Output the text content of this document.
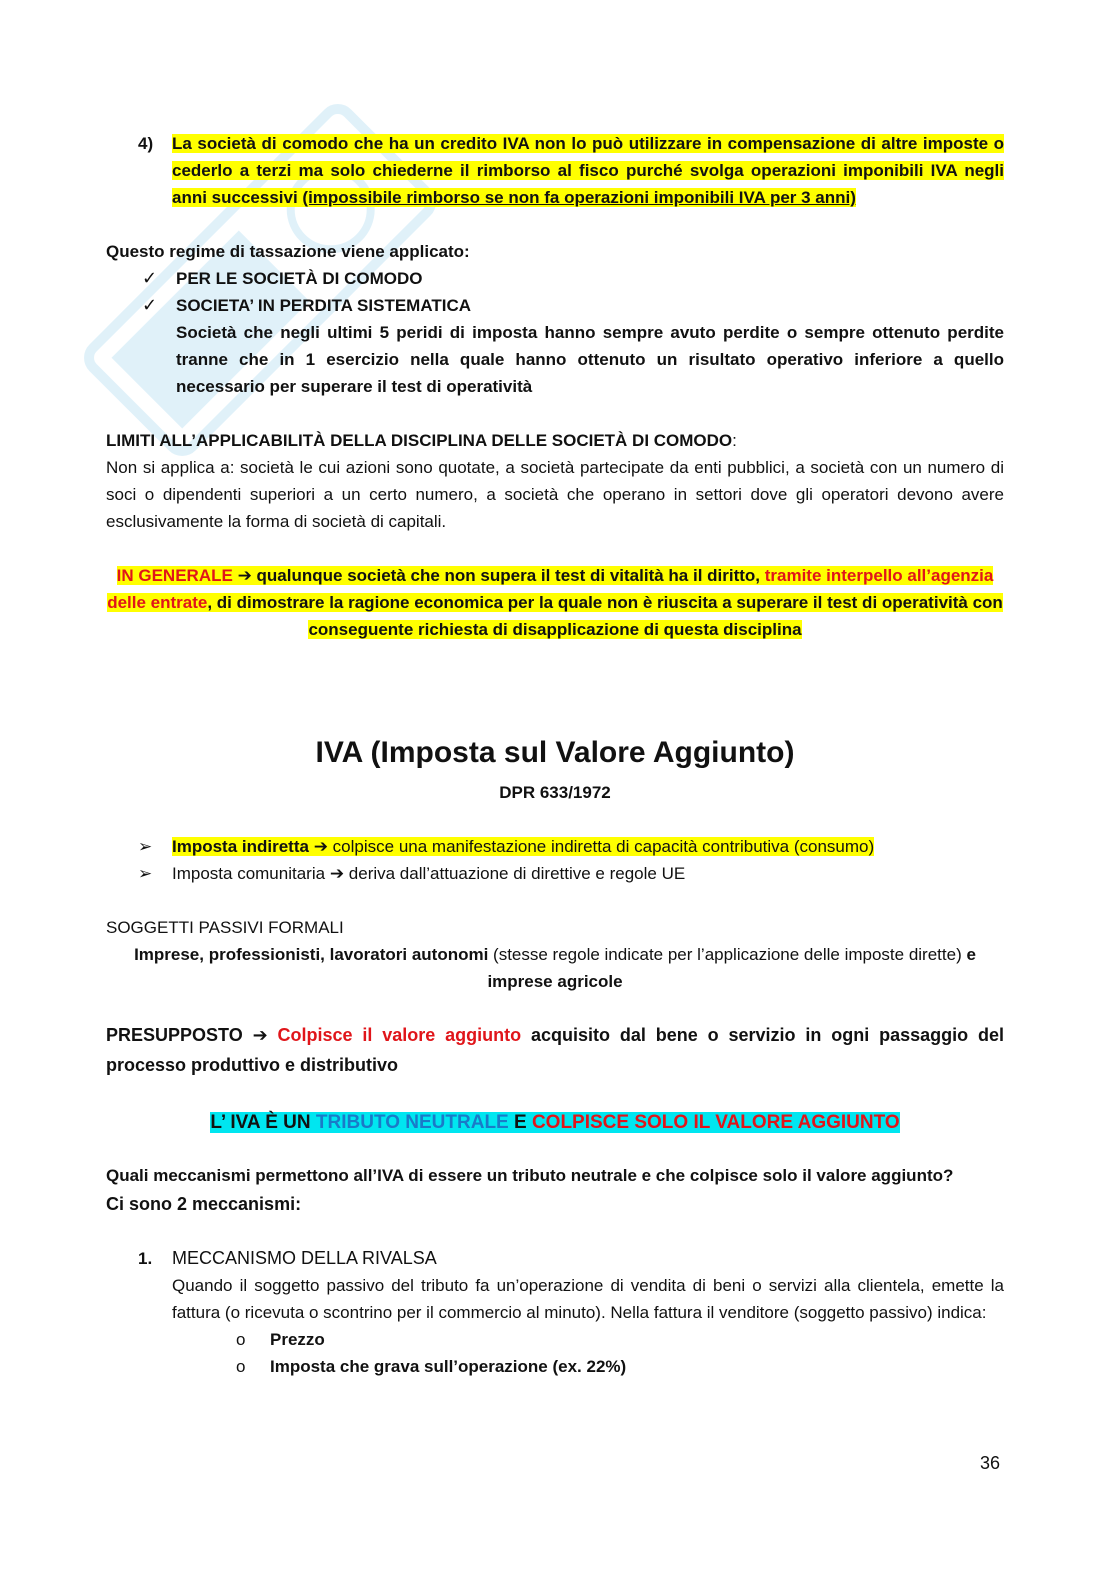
4)	La società di comodo che ha un credito IVA non lo può utilizzare in compensazione di altre imposte o cederlo a terzi ma solo chiederne il rimborso al fisco purché svolga operazioni imponibili IVA negli anni successivi (impossibile rimborso se non fa operazioni imponibili IVA per 3 anni)
Questo regime di tassazione viene applicato:
✓	PER LE SOCIETÀ DI COMODO
✓	SOCIETA’ IN PERDITA SISTEMATICA
Società che negli ultimi 5 peridi di imposta hanno sempre avuto perdite o sempre ottenuto perdite tranne che in 1 esercizio nella quale hanno ottenuto un risultato operativo inferiore a quello necessario per superare il test di operatività
LIMITI ALL’APPLICABILITÀ DELLA DISCIPLINA DELLE SOCIETÀ DI COMODO:
Non si applica a: società le cui azioni sono quotate, a società partecipate da enti pubblici, a società con un numero di soci o dipendenti superiori a un certo numero, a società che operano in settori dove gli operatori devono avere esclusivamente la forma di società di capitali.
IN GENERALE ➔ qualunque società che non supera il test di vitalità ha il diritto, tramite interpello all’agenzia delle entrate, di dimostrare la ragione economica per la quale non è riuscita a superare il test di operatività con conseguente richiesta di disapplicazione di questa disciplina
IVA (Imposta sul Valore Aggiunto)
DPR 633/1972
➢	Imposta indiretta ➔ colpisce una manifestazione indiretta di capacità contributiva (consumo)
➢	Imposta comunitaria ➔ deriva dall’attuazione di direttive e regole UE
SOGGETTI PASSIVI FORMALI
Imprese, professionisti, lavoratori autonomi (stesse regole indicate per l’applicazione delle imposte dirette) e imprese agricole
PRESUPPOSTO ➔ Colpisce il valore aggiunto acquisito dal bene o servizio in ogni passaggio del processo produttivo e distributivo
L’ IVA È UN TRIBUTO NEUTRALE E COLPISCE SOLO IL VALORE AGGIUNTO
Quali meccanismi permettono all’IVA di essere un tributo neutrale e che colpisce solo il valore aggiunto?
Ci sono 2 meccanismi:
1.	MECCANISMO DELLA RIVALSA
Quando il soggetto passivo del tributo fa un’operazione di vendita di beni o servizi alla clientela, emette la fattura (o ricevuta o scontrino per il commercio al minuto). Nella fattura il venditore (soggetto passivo) indica:
o	Prezzo
o	Imposta che grava sull’operazione (ex. 22%)
36
